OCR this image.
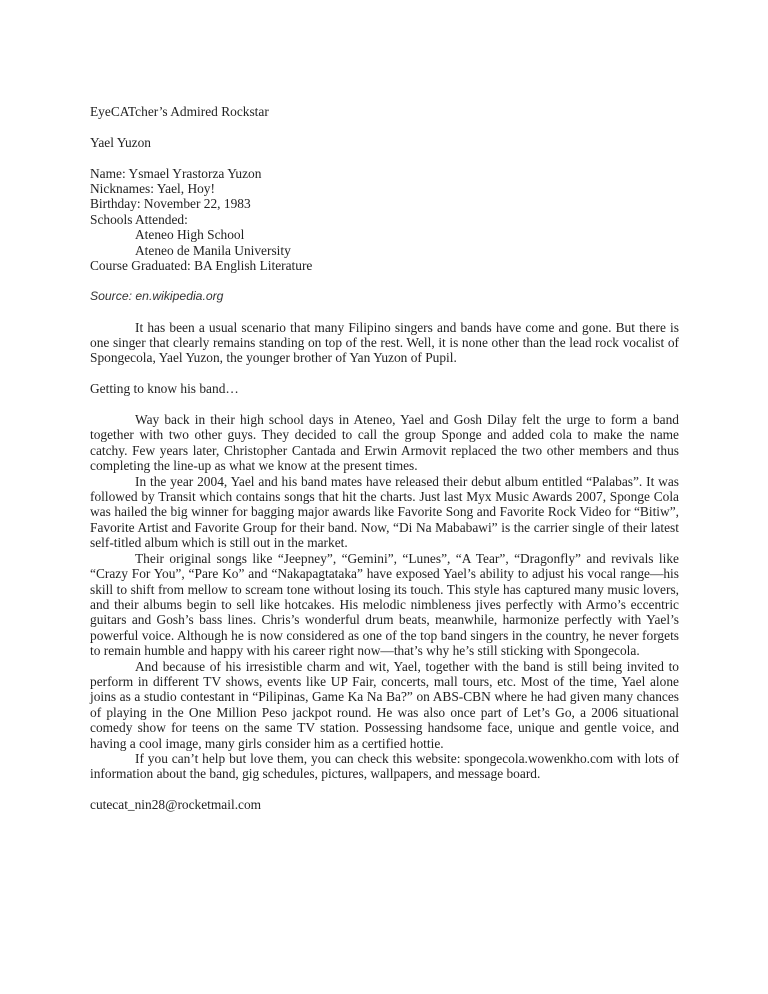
EyeCATcher’s Admired Rockstar
Yael Yuzon
Name: Ysmael Yrastorza Yuzon
Nicknames: Yael, Hoy!
Birthday: November 22, 1983
Schools Attended:
Ateneo High School
Ateneo de Manila University
Course Graduated: BA English Literature
Source: en.wikipedia.org

It has been a usual scenario that many Filipino singers and bands have come and gone. But there is one singer that clearly remains standing on top of the rest. Well, it is none other than the lead rock vocalist of Spongecola, Yael Yuzon, the younger brother of Yan Yuzon of Pupil.

Getting to know his band…

Way back in their high school days in Ateneo, Yael and Gosh Dilay felt the urge to form a band together with two other guys. They decided to call the group Sponge and added cola to make the name catchy. Few years later, Christopher Cantada and Erwin Armovit replaced the two other members and thus completing the line-up as what we know at the present times.

In the year 2004, Yael and his band mates have released their debut album entitled “Palabas”. It was followed by Transit which contains songs that hit the charts. Just last Myx Music Awards 2007, Sponge Cola was hailed the big winner for bagging major awards like Favorite Song and Favorite Rock Video for “Bitiw”, Favorite Artist and Favorite Group for their band. Now, “Di Na Mababawi” is the carrier single of their latest self-titled album which is still out in the market.

Their original songs like “Jeepney”, “Gemini”, “Lunes”, “A Tear”, “Dragonfly” and revivals like “Crazy For You”, “Pare Ko” and “Nakapagtataka” have exposed Yael’s ability to adjust his vocal range—his skill to shift from mellow to scream tone without losing its touch. This style has captured many music lovers, and their albums begin to sell like hotcakes. His melodic nimbleness jives perfectly with Armo’s eccentric guitars and Gosh’s bass lines. Chris’s wonderful drum beats, meanwhile, harmonize perfectly with Yael’s powerful voice. Although he is now considered as one of the top band singers in the country, he never forgets to remain humble and happy with his career right now—that’s why he’s still sticking with Spongecola.

And because of his irresistible charm and wit, Yael, together with the band is still being invited to perform in different TV shows, events like UP Fair, concerts, mall tours, etc. Most of the time, Yael alone joins as a studio contestant in “Pilipinas, Game Ka Na Ba?” on ABS-CBN where he had given many chances of playing in the One Million Peso jackpot round. He was also once part of Let’s Go, a 2006 situational comedy show for teens on the same TV station. Possessing handsome face, unique and gentle voice, and having a cool image, many girls consider him as a certified hottie.

If you can’t help but love them, you can check this website: spongecola.wowenkho.com with lots of information about the band, gig schedules, pictures, wallpapers, and message board.

cutecat_nin28@rocketmail.com
